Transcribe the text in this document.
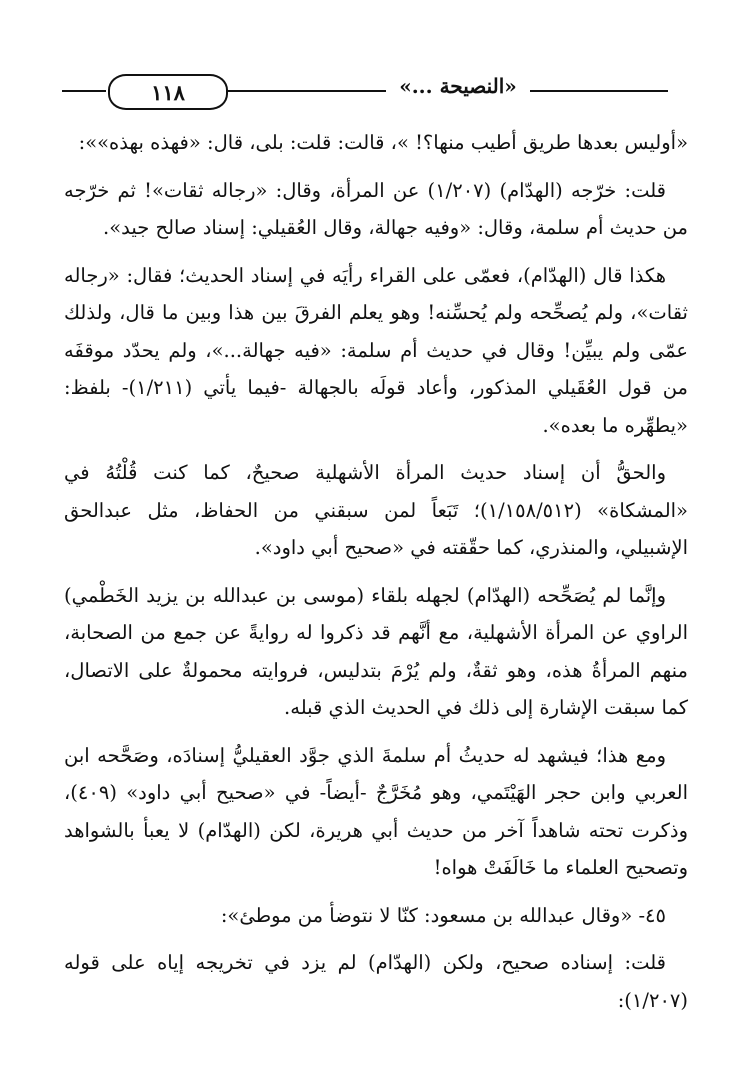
١١٨	«النصيحة ...»

«أوليس بعدها طريق أطيب منها؟! »، قالت: قلت: بلى، قال: «فهذه بهذه»»:

قلت: خرّجه (الهدّام) (١/٢٠٧) عن المرأة، وقال: «رجاله ثقات»! ثم خرّجه من حديث أم سلمة، وقال: «وفيه جهالة، وقال العُقيلي: إسناد صالح جيد».

هكذا قال (الهدّام)، فعمّى على القراء رأيَه في إسناد الحديث؛ فقال: «رجاله ثقات»، ولم يُصحِّحه ولم يُحسِّنه! وهو يعلم الفرقَ بين هذا وبين ما قال، ولذلك عمّى ولم يبيِّن! وقال في حديث أم سلمة: «فيه جهالة...»، ولم يحدّد موقفَه من قول العُقَيلي المذكور، وأعاد قولَه بالجهالة -فيما يأتي (١/٢١١)- بلفظ: «يطهِّره ما بعده».

والحقُّ أن إسناد حديث المرأة الأشهلية صحيحٌ، كما كنت قُلْتُهُ في «المشكاة» (١/١٥٨/٥١٢)؛ تَبَعاً لمن سبقني من الحفاظ، مثل عبدالحق الإشبيلي، والمنذري، كما حقّقته في «صحيح أبي داود».

وإنَّما لم يُصَحِّحه (الهدّام) لجهله بلقاء (موسى بن عبدالله بن يزيد الخَطْمي) الراوي عن المرأة الأشهلية، مع أنَّهم قد ذكروا له روايةً عن جمع من الصحابة، منهم المرأةُ هذه، وهو ثقةٌ، ولم يُرْمَ بتدليس، فروايته محمولةٌ على الاتصال، كما سبقت الإشارة إلى ذلك في الحديث الذي قبله.

ومع هذا؛ فيشهد له حديثُ أم سلمةَ الذي جوَّد العقيليُّ إسنادَه، وصَحَّحه ابن العربي وابن حجر الهَيْتَمي، وهو مُخَرَّجٌ -أيضاً- في «صحيح أبي داود» (٤٠٩)، وذكرت تحته شاهداً آخر من حديث أبي هريرة، لكن (الهدّام) لا يعبأ بالشواهد وتصحيح العلماء ما خَالَفَتْ هواه!

٤٥- «وقال عبدالله بن مسعود: كنّا لا نتوضأ من موطئ»:

قلت: إسناده صحيح، ولكن (الهدّام) لم يزد في تخريجه إياه على قوله (١/٢٠٧):
